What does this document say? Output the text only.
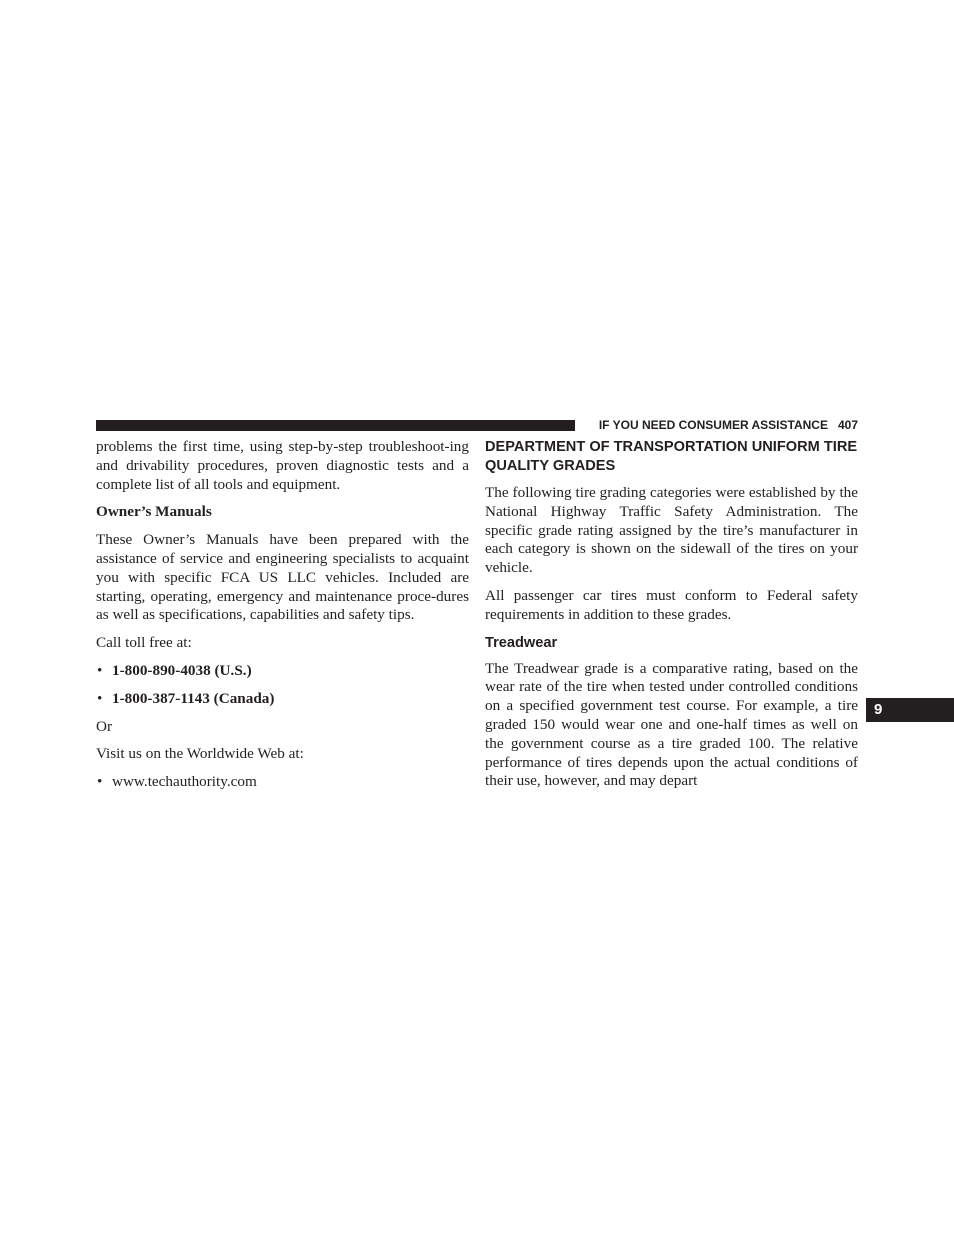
IF YOU NEED CONSUMER ASSISTANCE 407
9

problems the first time, using step-by-step troubleshoot-ing and drivability procedures, proven diagnostic tests and a complete list of all tools and equipment.

Owner’s Manuals

These Owner’s Manuals have been prepared with the assistance of service and engineering specialists to acquaint you with specific FCA US LLC vehicles. Included are starting, operating, emergency and maintenance proce-dures as well as specifications, capabilities and safety tips.

Call toll free at:

• 1-800-890-4038 (U.S.)
• 1-800-387-1143 (Canada)

Or

Visit us on the Worldwide Web at:

• www.techauthority.com
DEPARTMENT OF TRANSPORTATION UNIFORM TIRE QUALITY GRADES

The following tire grading categories were established by the National Highway Traffic Safety Administration. The specific grade rating assigned by the tire’s manufacturer in each category is shown on the sidewall of the tires on your vehicle.

All passenger car tires must conform to Federal safety requirements in addition to these grades.

Treadwear

The Treadwear grade is a comparative rating, based on the wear rate of the tire when tested under controlled conditions on a specified government test course. For example, a tire graded 150 would wear one and one-half times as well on the government course as a tire graded 100. The relative performance of tires depends upon the actual conditions of their use, however, and may depart
